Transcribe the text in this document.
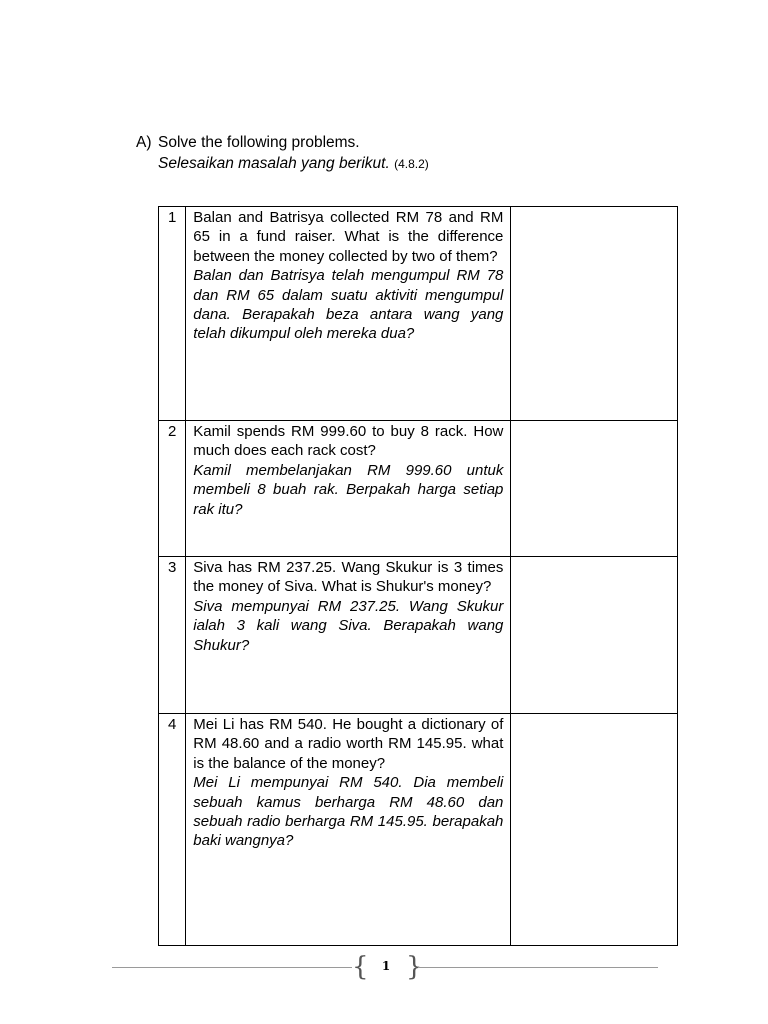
A) Solve the following problems.
Selesaikan masalah yang berikut. (4.8.2)
1	Balan and Batrisya collected RM 78 and RM 65 in a fund raiser. What is the difference between the money collected by two of them?
Balan dan Batrisya telah mengumpul RM 78 dan RM 65 dalam suatu aktiviti mengumpul dana. Berapakah beza antara wang yang telah dikumpul oleh mereka dua?	

2	Kamil spends RM 999.60 to buy 8 rack. How much does each rack cost?
Kamil membelanjakan RM 999.60 untuk membeli 8 buah rak. Berpakah harga setiap rak itu?	

3	Siva has RM 237.25. Wang Skukur is 3 times the money of Siva. What is Shukur's money?
Siva mempunyai RM 237.25. Wang Skukur ialah 3 kali wang Siva. Berapakah wang Shukur?	

4	Mei Li has RM 540. He bought a dictionary of RM 48.60 and a radio worth RM 145.95. what is the balance of the money?
Mei Li mempunyai RM 540. Dia membeli sebuah kamus berharga RM 48.60 dan sebuah radio berharga RM 145.95. berapakah baki wangnya?	

{	1 }
